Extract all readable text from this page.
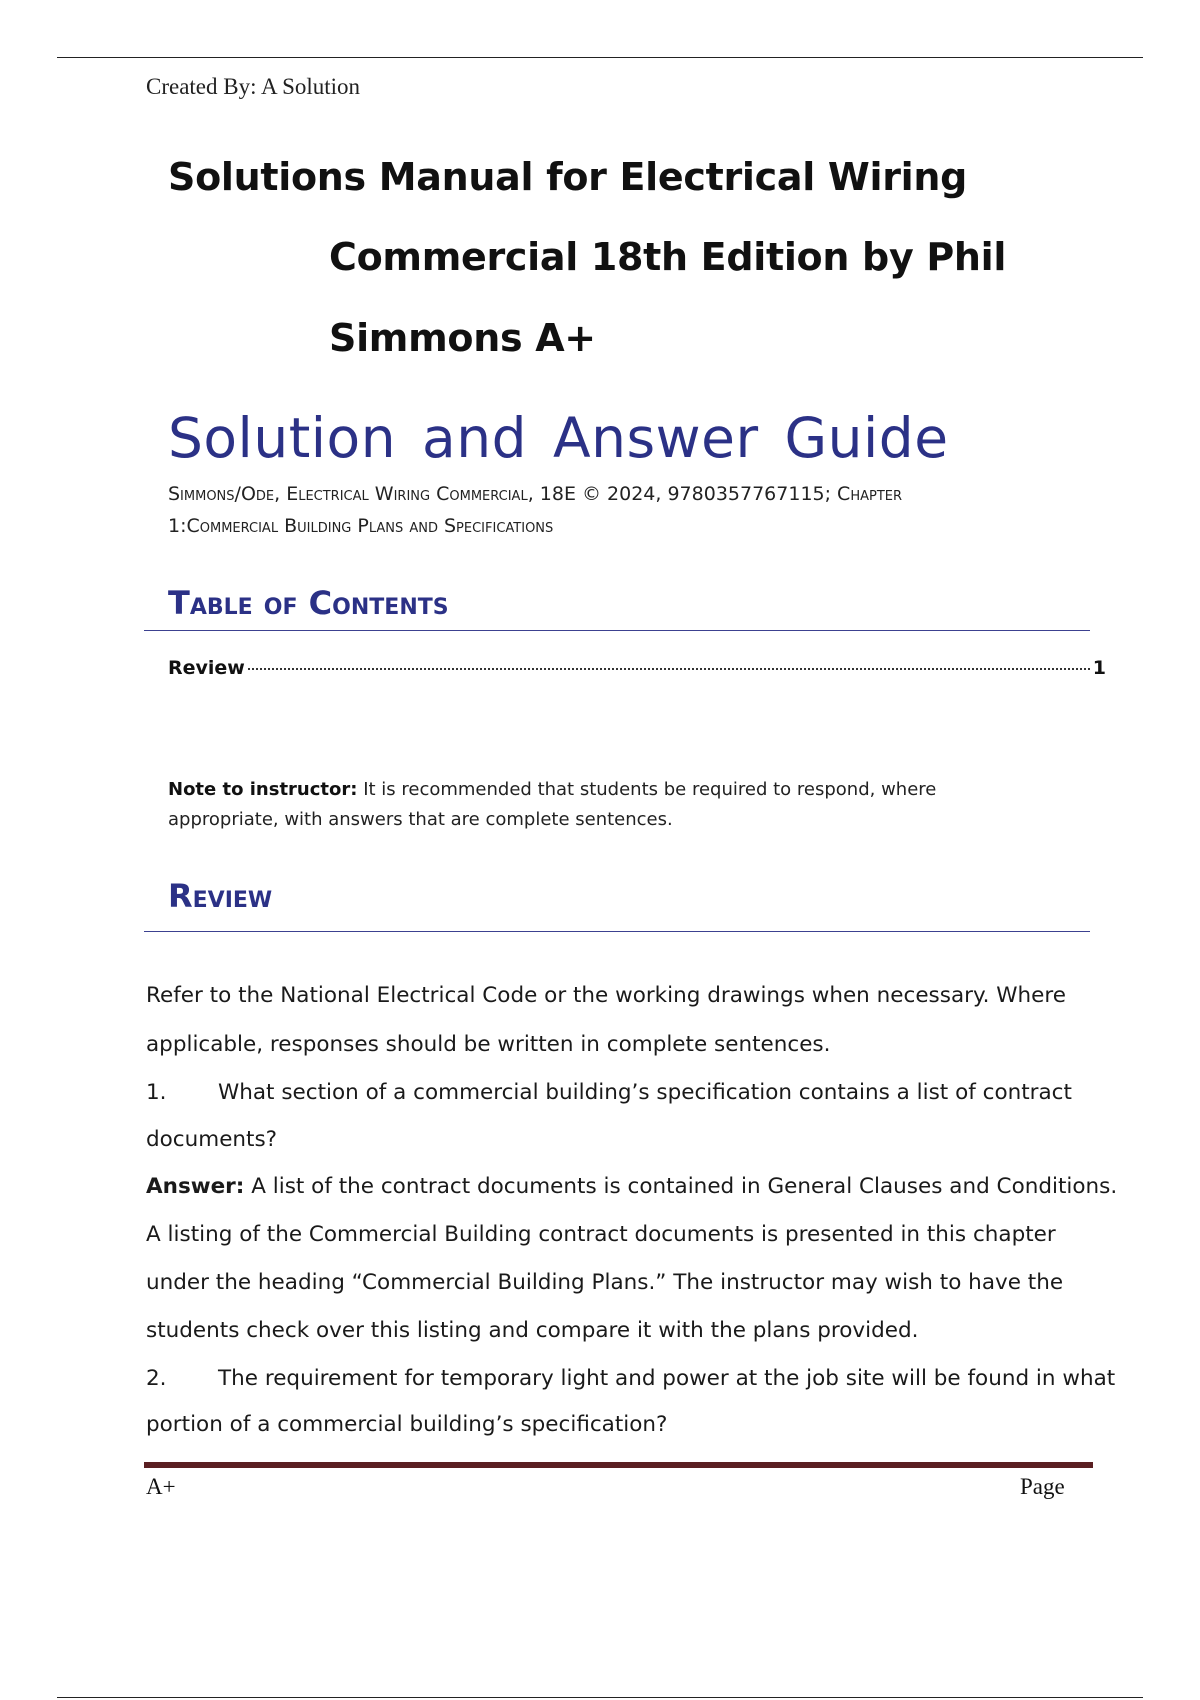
Created By: A Solution
Solutions Manual for Electrical Wiring
Commercial 18th Edition by Phil
Simmons A+
Solution and Answer Guide
Simmons/Ode, Electrical Wiring Commercial, 18E © 2024, 9780357767115; Chapter
1:Commercial Building Plans and Specifications
Table of Contents
Review	1
Note to instructor: It is recommended that students be required to respond, where
appropriate, with answers that are complete sentences.
Review
Refer to the National Electrical Code or the working drawings when necessary. Where
applicable, responses should be written in complete sentences.
1. What section of a commercial building’s specification contains a list of contract
documents?
Answer: A list of the contract documents is contained in General Clauses and Conditions.
A listing of the Commercial Building contract documents is presented in this chapter
under the heading “Commercial Building Plans.” The instructor may wish to have the
students check over this listing and compare it with the plans provided.
2. The requirement for temporary light and power at the job site will be found in what
portion of a commercial building’s specification?
A+	Page
